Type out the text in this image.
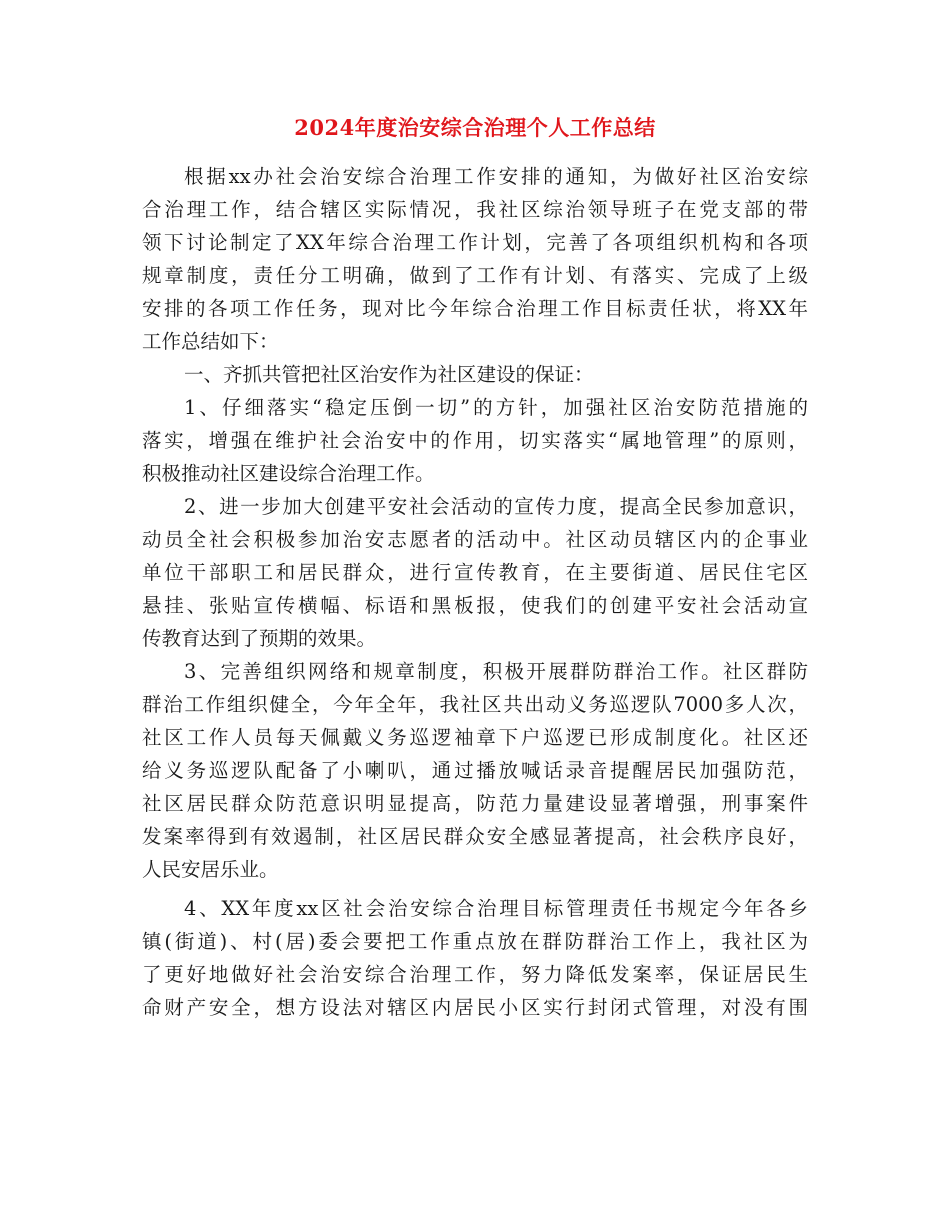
2024年度治安综合治理个人工作总结
根据xx办社会治安综合治理工作安排的通知，为做好社区治安综
合治理工作，结合辖区实际情况，我社区综治领导班子在党支部的带
领下讨论制定了XX年综合治理工作计划，完善了各项组织机构和各项
规章制度，责任分工明确，做到了工作有计划、有落实、完成了上级
安排的各项工作任务，现对比今年综合治理工作目标责任状，将XX年
工作总结如下：
一、齐抓共管把社区治安作为社区建设的保证：
1、仔细落实“稳定压倒一切”的方针，加强社区治安防范措施的
落实，增强在维护社会治安中的作用，切实落实“属地管理”的原则，
积极推动社区建设综合治理工作。
2、进一步加大创建平安社会活动的宣传力度，提高全民参加意识，
动员全社会积极参加治安志愿者的活动中。社区动员辖区内的企事业
单位干部职工和居民群众，进行宣传教育，在主要街道、居民住宅区
悬挂、张贴宣传横幅、标语和黑板报，使我们的创建平安社会活动宣
传教育达到了预期的效果。
3、完善组织网络和规章制度，积极开展群防群治工作。社区群防
群治工作组织健全，今年全年，我社区共出动义务巡逻队7000多人次，
社区工作人员每天佩戴义务巡逻袖章下户巡逻已形成制度化。社区还
给义务巡逻队配备了小喇叭，通过播放喊话录音提醒居民加强防范，
社区居民群众防范意识明显提高，防范力量建设显著增强，刑事案件
发案率得到有效遏制，社区居民群众安全感显著提高，社会秩序良好，
人民安居乐业。
4、XX年度xx区社会治安综合治理目标管理责任书规定今年各乡
镇(街道)、村(居)委会要把工作重点放在群防群治工作上，我社区为
了更好地做好社会治安综合治理工作，努力降低发案率，保证居民生
命财产安全，想方设法对辖区内居民小区实行封闭式管理，对没有围
